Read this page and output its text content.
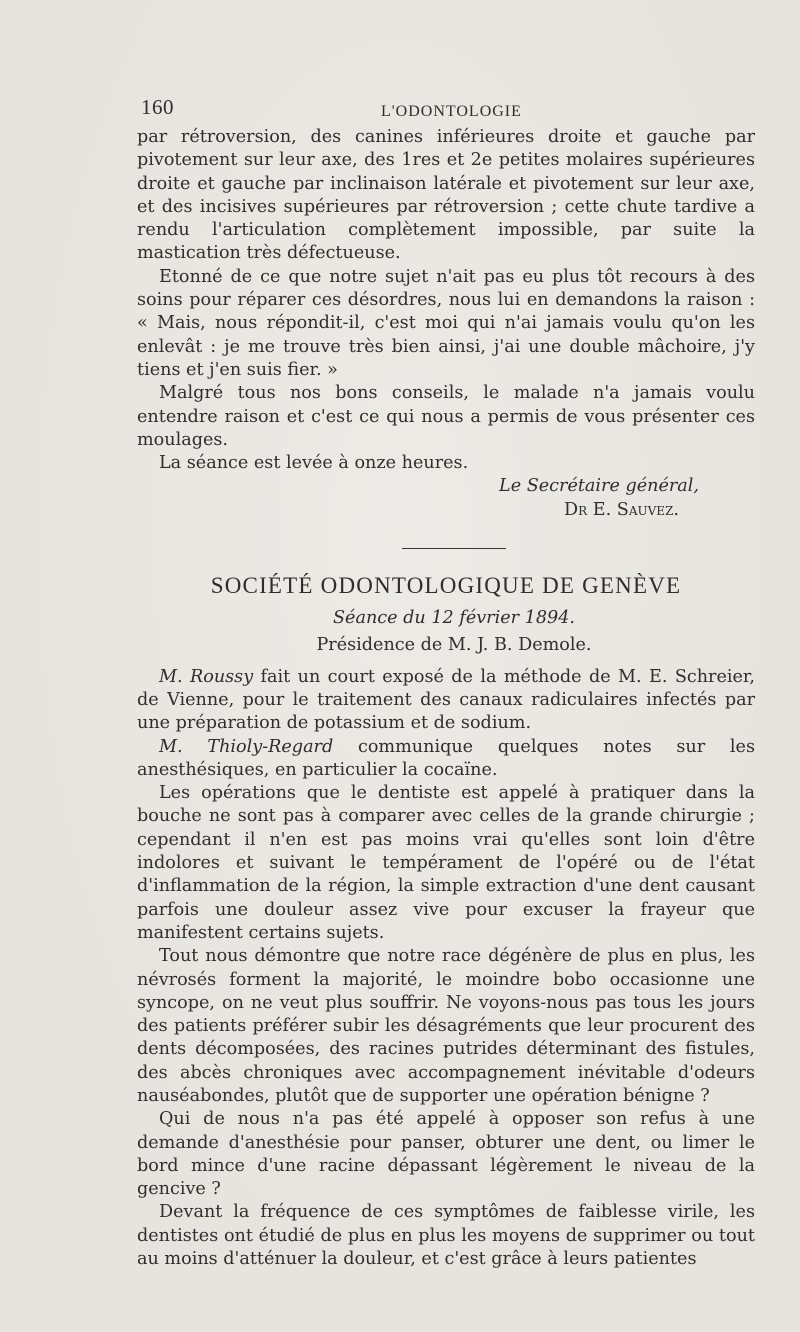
160	L'ODONTOLOGIE

par rétroversion, des canines inférieures droite et gauche par pivotement sur leur axe, des 1res et 2e petites molaires supérieures droite et gauche par inclinaison latérale et pivotement sur leur axe, et des incisives supérieures par rétroversion ; cette chute tardive a rendu l'articulation complètement impossible, par suite la mastication très défectueuse.

Etonné de ce que notre sujet n'ait pas eu plus tôt recours à des soins pour réparer ces désordres, nous lui en demandons la raison : « Mais, nous répondit-il, c'est moi qui n'ai jamais voulu qu'on les enlevât : je me trouve très bien ainsi, j'ai une double mâchoire, j'y tiens et j'en suis fier. »

Malgré tous nos bons conseils, le malade n'a jamais voulu entendre raison et c'est ce qui nous a permis de vous présenter ces moulages.

La séance est levée à onze heures.

Le Secrétaire général,
Dr E. Sauvez.
SOCIÉTÉ ODONTOLOGIQUE DE GENÈVE
Séance du 12 février 1894.
Présidence de M. J. B. Demole.

M. Roussy fait un court exposé de la méthode de M. E. Schreier, de Vienne, pour le traitement des canaux radiculaires infectés par une préparation de potassium et de sodium.

M. Thioly-Regard communique quelques notes sur les anesthésiques, en particulier la cocaïne.

Les opérations que le dentiste est appelé à pratiquer dans la bouche ne sont pas à comparer avec celles de la grande chirurgie ; cependant il n'en est pas moins vrai qu'elles sont loin d'être indolores et suivant le tempérament de l'opéré ou de l'état d'inflammation de la région, la simple extraction d'une dent causant parfois une douleur assez vive pour excuser la frayeur que manifestent certains sujets.

Tout nous démontre que notre race dégénère de plus en plus, les névrosés forment la majorité, le moindre bobo occasionne une syncope, on ne veut plus souffrir. Ne voyons-nous pas tous les jours des patients préférer subir les désagréments que leur procurent des dents décomposées, des racines putrides déterminant des fistules, des abcès chroniques avec accompagnement inévitable d'odeurs nauséabondes, plutôt que de supporter une opération bénigne ?

Qui de nous n'a pas été appelé à opposer son refus à une demande d'anesthésie pour panser, obturer une dent, ou limer le bord mince d'une racine dépassant légèrement le niveau de la gencive ?

Devant la fréquence de ces symptômes de faiblesse virile, les dentistes ont étudié de plus en plus les moyens de supprimer ou tout au moins d'atténuer la douleur, et c'est grâce à leurs patientes
